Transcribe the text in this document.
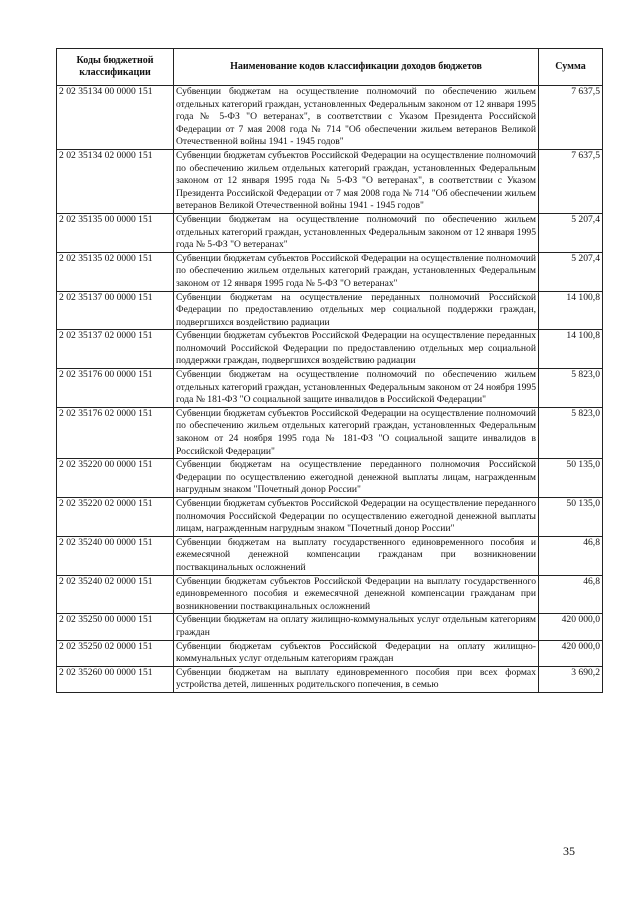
Коды бюджетной классификации	Наименование кодов классификации доходов бюджетов	Сумма
2 02 35134 00 0000 151	Субвенции бюджетам на осуществление полномочий по обеспечению жильем отдельных категорий граждан, установленных Федеральным законом от 12 января 1995 года № 5-ФЗ "О ветеранах", в соответствии с Указом Президента Российской Федерации от 7 мая 2008 года № 714 "Об обеспечении жильем ветеранов Великой Отечественной войны 1941 - 1945 годов"	7 637,5
2 02 35134 02 0000 151	Субвенции бюджетам субъектов Российской Федерации на осуществление полномочий по обеспечению жильем отдельных категорий граждан, установленных Федеральным законом от 12 января 1995 года № 5-ФЗ "О ветеранах", в соответствии с Указом Президента Российской Федерации от 7 мая 2008 года № 714 "Об обеспечении жильем ветеранов Великой Отечественной войны 1941 - 1945 годов"	7 637,5
2 02 35135 00 0000 151	Субвенции бюджетам на осуществление полномочий по обеспечению жильем отдельных категорий граждан, установленных Федеральным законом от 12 января 1995 года № 5-ФЗ "О ветеранах"	5 207,4
2 02 35135 02 0000 151	Субвенции бюджетам субъектов Российской Федерации на осуществление полномочий по обеспечению жильем отдельных категорий граждан, установленных Федеральным законом от 12 января 1995 года № 5-ФЗ "О ветеранах"	5 207,4
2 02 35137 00 0000 151	Субвенции бюджетам на осуществление переданных полномочий Российской Федерации по предоставлению отдельных мер социальной поддержки граждан, подвергшихся воздействию радиации	14 100,8
2 02 35137 02 0000 151	Субвенции бюджетам субъектов Российской Федерации на осуществление переданных полномочий Российской Федерации по предоставлению отдельных мер социальной поддержки граждан, подвергшихся воздействию радиации	14 100,8
2 02 35176 00 0000 151	Субвенции бюджетам на осуществление полномочий по обеспечению жильем отдельных категорий граждан, установленных Федеральным законом от 24 ноября 1995 года № 181-ФЗ "О социальной защите инвалидов в Российской Федерации"	5 823,0
2 02 35176 02 0000 151	Субвенции бюджетам субъектов Российской Федерации на осуществление полномочий по обеспечению жильем отдельных категорий граждан, установленных Федеральным законом от 24 ноября 1995 года № 181-ФЗ "О социальной защите инвалидов в Российской Федерации"	5 823,0
2 02 35220 00 0000 151	Субвенции бюджетам на осуществление переданного полномочия Российской Федерации по осуществлению ежегодной денежной выплаты лицам, награжденным нагрудным знаком "Почетный донор России"	50 135,0
2 02 35220 02 0000 151	Субвенции бюджетам субъектов Российской Федерации на осуществление переданного полномочия Российской Федерации по осуществлению ежегодной денежной выплаты лицам, награжденным нагрудным знаком "Почетный донор России"	50 135,0
2 02 35240 00 0000 151	Субвенции бюджетам на выплату государственного единовременного пособия и ежемесячной денежной компенсации гражданам при возникновении поствакцинальных осложнений	46,8
2 02 35240 02 0000 151	Субвенции бюджетам субъектов Российской Федерации на выплату государственного единовременного пособия и ежемесячной денежной компенсации гражданам при возникновении поствакцинальных осложнений	46,8
2 02 35250 00 0000 151	Субвенции бюджетам на оплату жилищно-коммунальных услуг отдельным категориям граждан	420 000,0
2 02 35250 02 0000 151	Субвенции бюджетам субъектов Российской Федерации на оплату жилищно-коммунальных услуг отдельным категориям граждан	420 000,0
2 02 35260 00 0000 151	Субвенции бюджетам на выплату единовременного пособия при всех формах устройства детей, лишенных родительского попечения, в семью	3 690,2
35
